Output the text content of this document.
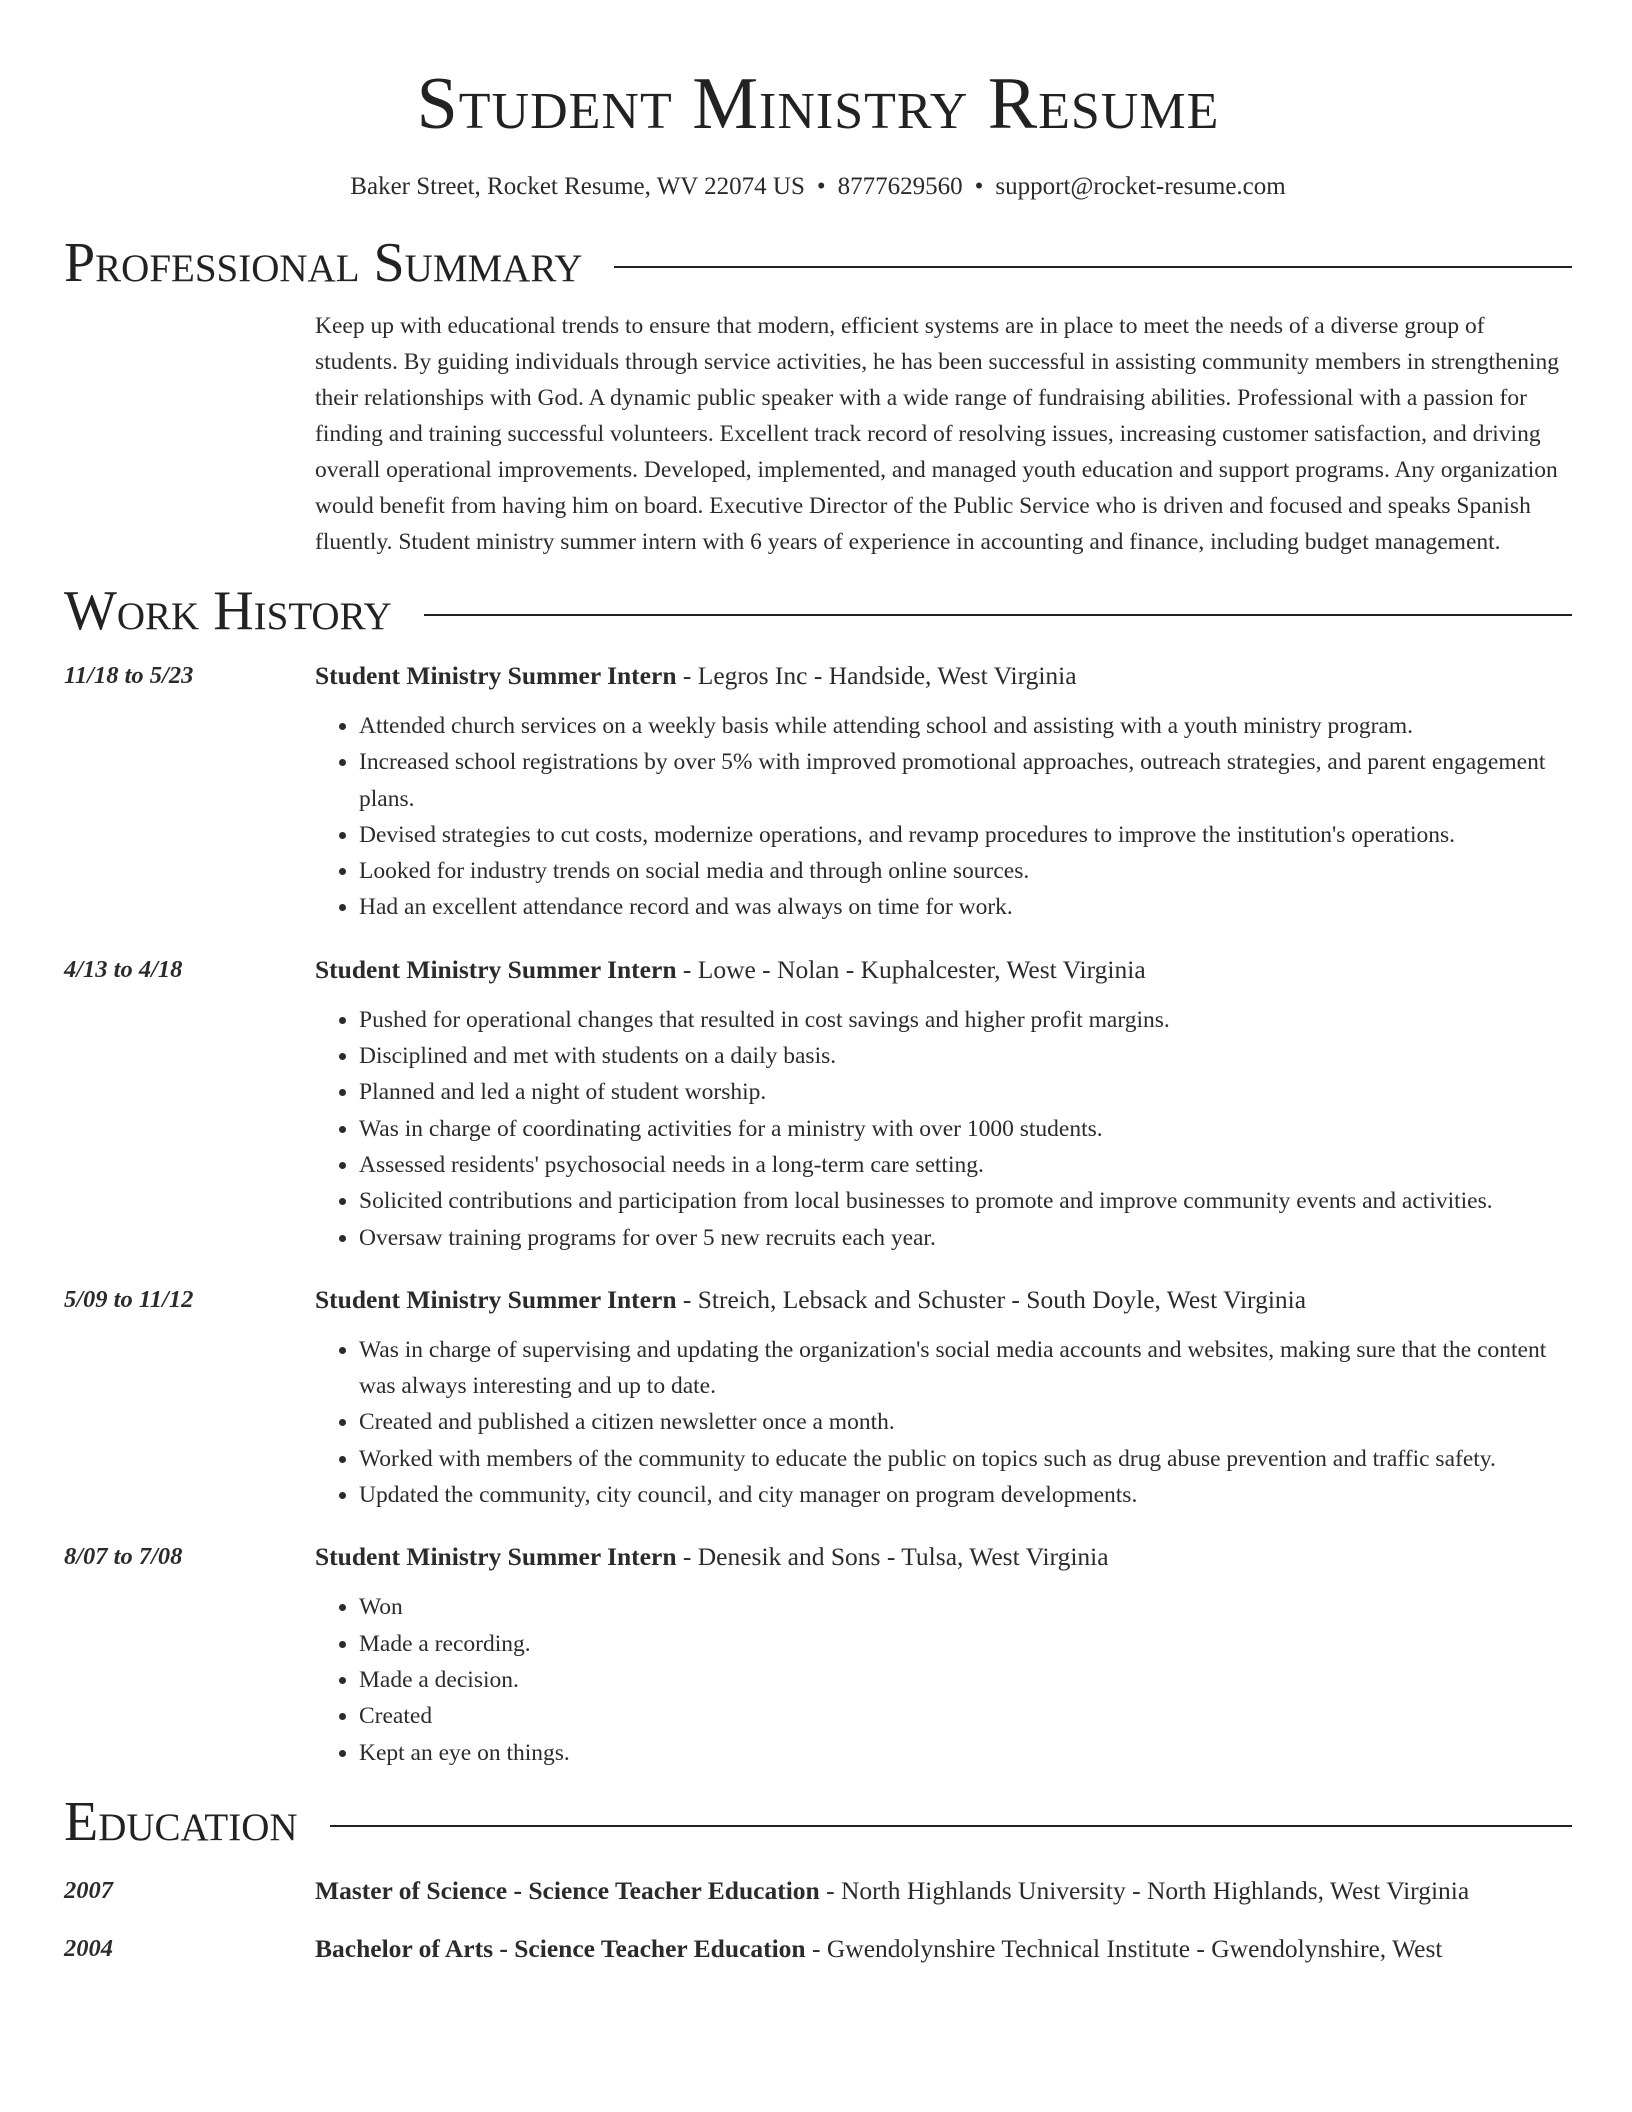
Student Ministry Resume
Baker Street, Rocket Resume, WV 22074 US • 8777629560 • support@rocket-resume.com
Professional Summary
Keep up with educational trends to ensure that modern, efficient systems are in place to meet the needs of a diverse group of students. By guiding individuals through service activities, he has been successful in assisting community members in strengthening their relationships with God. A dynamic public speaker with a wide range of fundraising abilities. Professional with a passion for finding and training successful volunteers. Excellent track record of resolving issues, increasing customer satisfaction, and driving overall operational improvements. Developed, implemented, and managed youth education and support programs. Any organization would benefit from having him on board. Executive Director of the Public Service who is driven and focused and speaks Spanish fluently. Student ministry summer intern with 6 years of experience in accounting and finance, including budget management.
Work History
11/18 to 5/23	Student Ministry Summer Intern - Legros Inc - Handside, West Virginia
• Attended church services on a weekly basis while attending school and assisting with a youth ministry program.
• Increased school registrations by over 5% with improved promotional approaches, outreach strategies, and parent engagement plans.
• Devised strategies to cut costs, modernize operations, and revamp procedures to improve the institution's operations.
• Looked for industry trends on social media and through online sources.
• Had an excellent attendance record and was always on time for work.
4/13 to 4/18	Student Ministry Summer Intern - Lowe - Nolan - Kuphalcester, West Virginia
• Pushed for operational changes that resulted in cost savings and higher profit margins.
• Disciplined and met with students on a daily basis.
• Planned and led a night of student worship.
• Was in charge of coordinating activities for a ministry with over 1000 students.
• Assessed residents' psychosocial needs in a long-term care setting.
• Solicited contributions and participation from local businesses to promote and improve community events and activities.
• Oversaw training programs for over 5 new recruits each year.
5/09 to 11/12	Student Ministry Summer Intern - Streich, Lebsack and Schuster - South Doyle, West Virginia
• Was in charge of supervising and updating the organization's social media accounts and websites, making sure that the content was always interesting and up to date.
• Created and published a citizen newsletter once a month.
• Worked with members of the community to educate the public on topics such as drug abuse prevention and traffic safety.
• Updated the community, city council, and city manager on program developments.
8/07 to 7/08	Student Ministry Summer Intern - Denesik and Sons - Tulsa, West Virginia
• Won
• Made a recording.
• Made a decision.
• Created
• Kept an eye on things.
Education
2007	Master of Science - Science Teacher Education - North Highlands University - North Highlands, West Virginia
2004	Bachelor of Arts - Science Teacher Education - Gwendolynshire Technical Institute - Gwendolynshire, West
